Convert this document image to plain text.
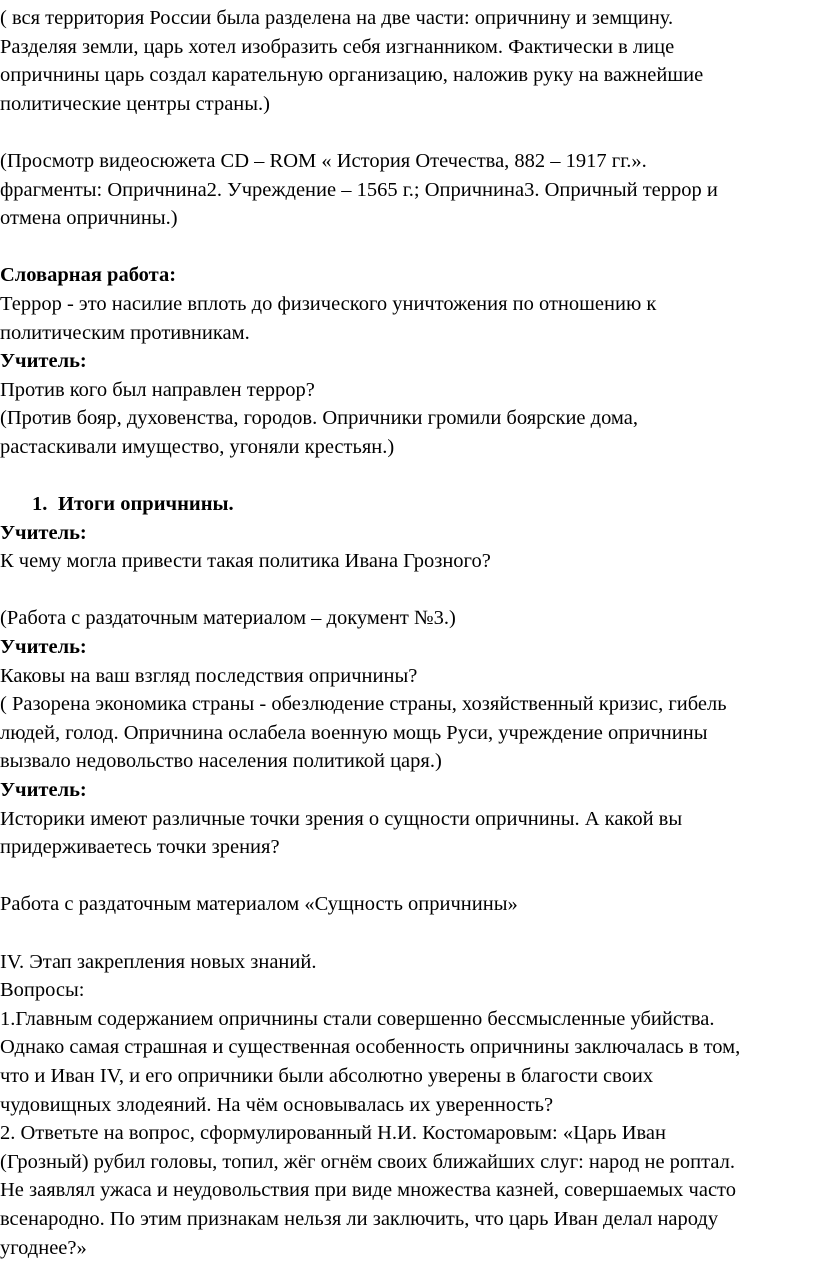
( вся территория России была разделена на две части: опричнину и земщину.
Разделяя земли, царь хотел изобразить себя изгнанником. Фактически в лице
опричнины царь создал карательную организацию, наложив руку на важнейшие
политические центры страны.)
(Просмотр видеосюжета CD – ROM « История Отечества, 882 – 1917 гг.».
фрагменты: Опричнина2. Учреждение – 1565 г.; Опричнина3. Опричный террор и
отмена опричнины.)
Словарная работа:
Террор - это насилие вплоть до физического уничтожения по отношению к
политическим противникам.
Учитель:
Против кого был направлен террор?
(Против бояр, духовенства, городов. Опричники громили боярские дома,
растаскивали имущество, угоняли крестьян.)
1. Итоги опричнины.
Учитель:
К чему могла привести такая политика Ивана Грозного?
(Работа с раздаточным материалом – документ №3.)
Учитель:
Каковы на ваш взгляд последствия опричнины?
( Разорена экономика страны - обезлюдение страны, хозяйственный кризис, гибель
людей, голод. Опричнина ослабела военную мощь Руси, учреждение опричнины
вызвало недовольство населения политикой царя.)
Учитель:
Историки имеют различные точки зрения о сущности опричнины. А какой вы
придерживаетесь точки зрения?
Работа с раздаточным материалом «Сущность опричнины»
IV. Этап закрепления новых знаний.
Вопросы:
1.Главным содержанием опричнины стали совершенно бессмысленные убийства.
Однако самая страшная и существенная особенность опричнины заключалась в том,
что и Иван IV, и его опричники были абсолютно уверены в благости своих
чудовищных злодеяний. На чём основывалась их уверенность?
2. Ответьте на вопрос, сформулированный Н.И. Костомаровым: «Царь Иван
(Грозный) рубил головы, топил, жёг огнём своих ближайших слуг: народ не роптал.
Не заявлял ужаса и неудовольствия при виде множества казней, совершаемых часто
всенародно. По этим признакам нельзя ли заключить, что царь Иван делал народу
угоднее?»
